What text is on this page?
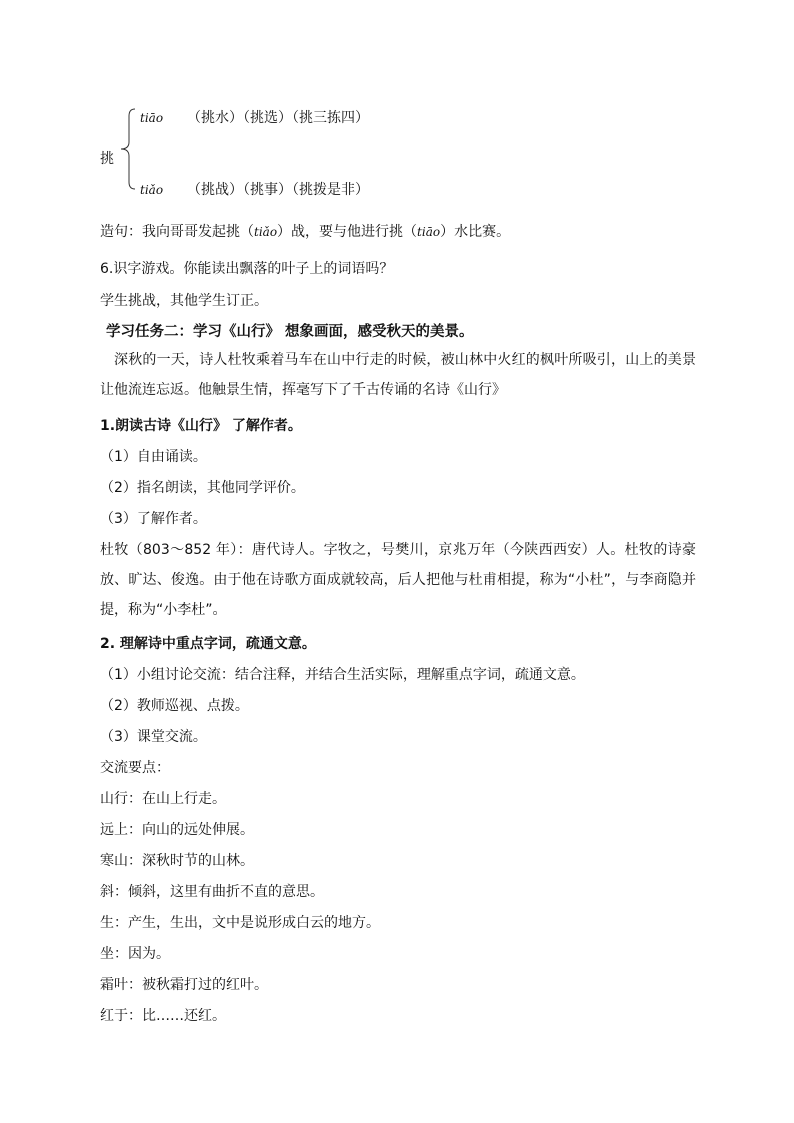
挑
tiāo （挑水）（挑选）（挑三拣四）
tiǎo （挑战）（挑事）（挑拨是非）
造句：我向哥哥发起挑（tiǎo）战，要与他进行挑（tiāo）水比赛。
6.识字游戏。你能读出飘落的叶子上的词语吗？
学生挑战，其他学生订正。
学习任务二：学习《山行》 想象画面，感受秋天的美景。
深秋的一天，诗人杜牧乘着马车在山中行走的时候，被山林中火红的枫叶所吸引，山上的美景让他流连忘返。他触景生情，挥毫写下了千古传诵的名诗《山行》
1.朗读古诗《山行》 了解作者。
（1）自由诵读。
（2）指名朗读，其他同学评价。
（3）了解作者。
杜牧（803～852 年）：唐代诗人。字牧之，号樊川，京兆万年（今陕西西安）人。杜牧的诗豪放、旷达、俊逸。由于他在诗歌方面成就较高，后人把他与杜甫相提，称为“小杜”，与李商隐并提，称为“小李杜”。
2. 理解诗中重点字词，疏通文意。
（1）小组讨论交流：结合注释，并结合生活实际，理解重点字词，疏通文意。
（2）教师巡视、点拨。
（3）课堂交流。
交流要点：
山行：在山上行走。
远上：向山的远处伸展。
寒山：深秋时节的山林。
斜：倾斜，这里有曲折不直的意思。
生：产生，生出，文中是说形成白云的地方。
坐：因为。
霜叶：被秋霜打过的红叶。
红于：比……还红。
